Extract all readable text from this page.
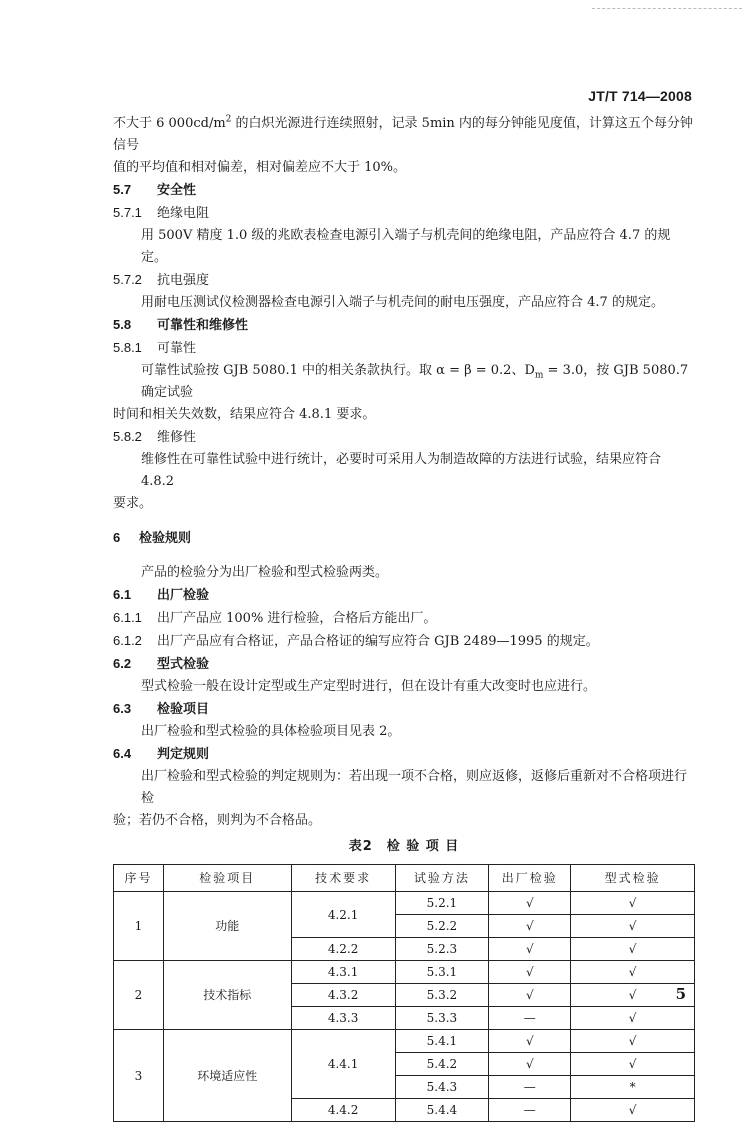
JT/T 714—2008

不大于 6 $000cd/m^2$ 的白炽光源进行连续照射，记录 5min 内的每分钟能见度值，计算这五个每分钟信号

值的平均值和相对偏差，相对偏差应不大于 10%。

5.7 安全性

5.7.1 绝缘电阻

用 500V 精度 1.0 级的兆欧表检查电源引入端子与机壳间的绝缘电阻，产品应符合 4.7 的规定。

5.7.2 抗电强度

用耐电压测试仪检测器检查电源引入端子与机壳间的耐电压强度，产品应符合 4.7 的规定。

5.8 可靠性和维修性

5.8.1 可靠性

可靠性试验按 GJB 5080.1 中的相关条款执行。取 α = β = 0.2、$D_m = 3.0$，按 GJB 5080.7 确定试验

时间和相关失效数，结果应符合 4.8.1 要求。

5.8.2 维修性

维修性在可靠性试验中进行统计，必要时可采用人为制造故障的方法进行试验，结果应符合 4.8.2

要求。

6 检验规则

产品的检验分为出厂检验和型式检验两类。

6.1 出厂检验

6.1.1 出厂产品应 100% 进行检验，合格后方能出厂。

6.1.2 出厂产品应有合格证，产品合格证的编写应符合 GJB 2489—1995 的规定。

6.2 型式检验

型式检验一般在设计定型或生产定型时进行，但在设计有重大改变时也应进行。

6.3 检验项目

出厂检验和型式检验的具体检验项目见表 2。

6.4 判定规则

出厂检验和型式检验的判定规则为：若出现一项不合格，则应返修，返修后重新对不合格项进行检

验；若仍不合格，则判为不合格品。

表2　检 验 项 目

序号	检验项目	技术要求	试验方法	出厂检验	型式检验
1	功能	4.2.1	5.2.1	√	√
			5.2.2	√	√
		4.2.2	5.2.3	√	√
2	技术指标	4.3.1	5.3.1	√	√
		4.3.2	5.3.2	√	√
		4.3.3	5.3.3	—	√
3	环境适应性	4.4.1	5.4.1	√	√
			5.4.2	√	√
			5.4.3	—	*
		4.4.2	5.4.4	—	√
5
